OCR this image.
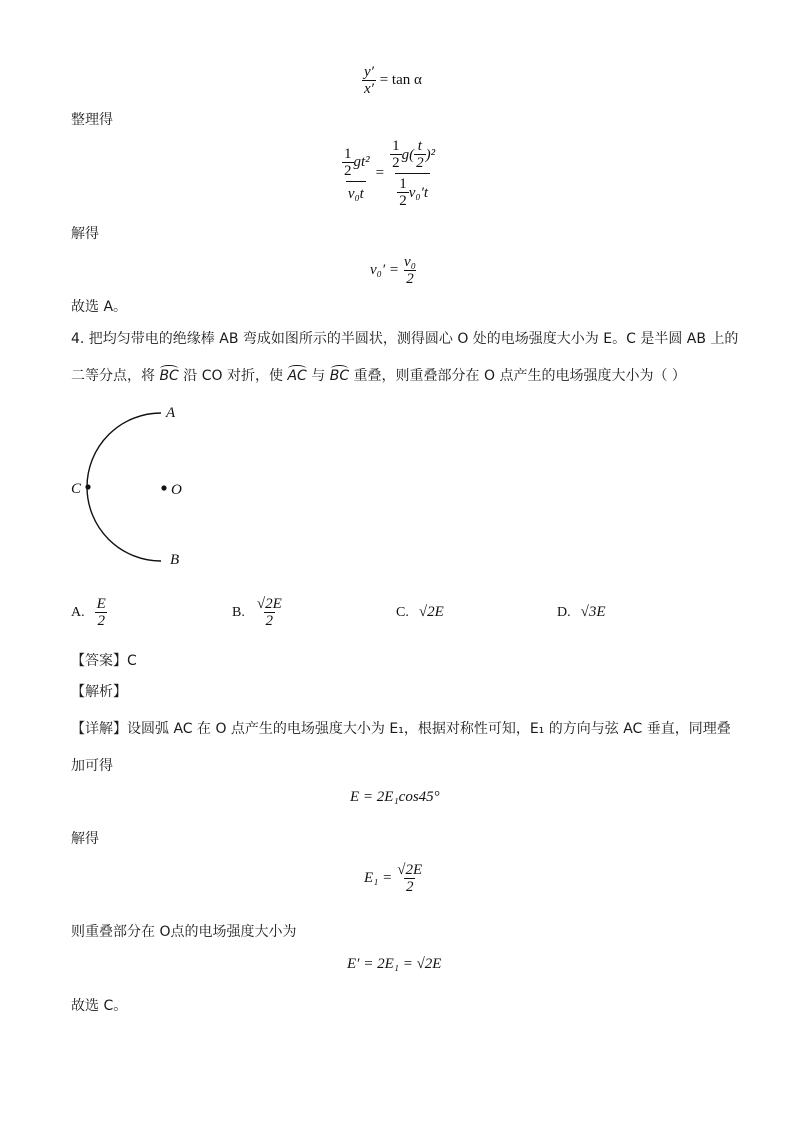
$\frac{y'}{x'} = \tan \alpha$
整理得
$\frac{\frac{1}{2} gt^2}{\text{v₀t}}$ =
$\frac{1}{2} g( \frac{t}{2} )^2$
$\frac{1}{2} v_0't$
解得
$v_0' = \frac{\text{v₀}}{2}$
故选 A。
4. 把均匀带电的绝缘棒 AB 弯成如图所示的半圆状，测得圆心 O 处的电场强度大小为 E。C 是半圆 AB 上的
二等分点，将 BC 沿 CO 对折，使 AC 与 BC 重叠，则重叠部分在 O 点产生的电场强度大小为（ ）
A
B
C	O
A. $\frac{E}{2}$	B. $\frac{√2E}{2}$	C. √2E	D. √3E
【答案】C
【解析】
【详解】设圆弧 AC 在 O 点产生的电场强度大小为 E₁，根据对称性可知，E₁ 的方向与弦 AC 垂直，同理叠
加可得
E = 2E₁cos45°
解得
$E_1 = \frac{√2E}{2}$
则重叠部分在 O点的电场强度大小为
E′ = 2E₁ = √2E
故选 C。
